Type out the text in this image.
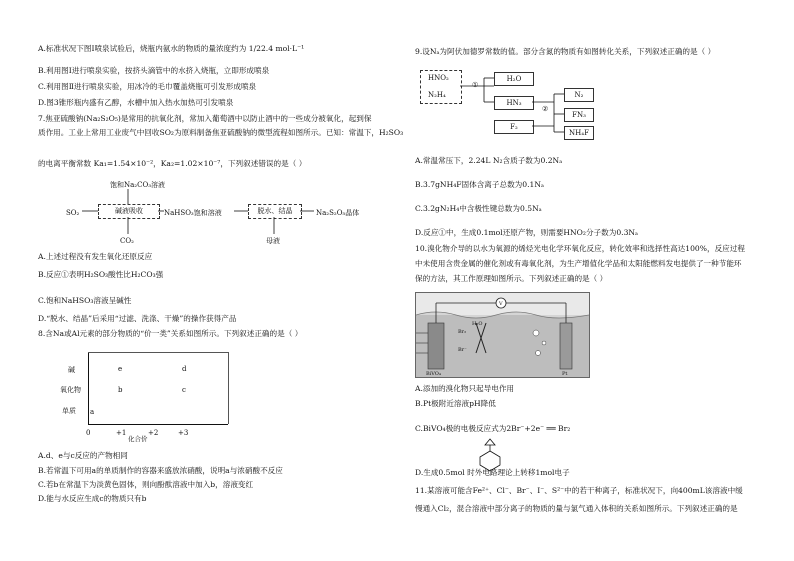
A.标准状况下图Ⅰ喷泉试验后，烧瓶内氨水的物质的量浓度约为 1/22.4 mol·L⁻¹
B.利用图Ⅰ进行喷泉实验，按挤头滴管中的水挤入烧瓶，立即形成喷泉
C.利用图Ⅱ进行喷泉实验，用冰冷的毛巾覆盖烧瓶可引发形成喷泉
D.图3锥形瓶内盛有乙醇，水槽中加入热水加热可引发喷泉
7.焦亚硫酸钠(Na₂S₂O₅)是常用的抗氧化剂，常加入葡萄酒中以防止酒中的一些成分被氧化，起到保
质作用。工业上常用工业废气中回收SO₂为原料制备焦亚硫酸钠的微型流程如图所示。已知：常温下，H₂SO₃
的电离平衡常数 Ka₁=1.54×10⁻²，Ka₂=1.02×10⁻⁷，下列叙述错误的是（ ）
饱和Na₂CO₃溶液
SO₂	碱液吸收	NaHSO₃饱和溶液	脱水、结晶	Na₂S₂O₅晶体
CO₂	母液
A.上述过程没有发生氧化还原反应
B.反应①表明H₂SO₃酸性比H₂CO₃强
C.饱和NaHSO₃溶液呈碱性
D.“脱水、结晶”后采用“过滤、洗涤、干燥”的操作获得产品
8.含Na或Al元素的部分物质的“价一类”关系如图所示。下列叙述正确的是（ ）
碱
氧化物
单质
e	d
b	c
a
0	+1	+2	+3
化合价
A.d、e与c反应的产物相同
B.若常温下可用a的单质制作的容器来盛放浓硝酸，说明a与浓硝酸不反应
C.若b在常温下为淡黄色固体，则向酚酞溶液中加入b，溶液变红
D.能与水反应生成c的物质只有b
9.设Nₐ为阿伏加德罗常数的值。部分含氮的物质有如图转化关系，下列叙述正确的是（ ）
HNO₂
N₂H₄
①
H₂O
HN₃
F₂
②
N₂
FN₃
NH₄F
A.常温常压下，2.24L N₂含质子数为0.2Nₐ
B.3.7gNH₄F固体含离子总数为0.1Nₐ
C.3.2gN₂H₄中含极性键总数为0.5Nₐ
D.反应①中，生成0.1mol还原产物，则需要HNO₂分子数为0.3Nₐ
10.溴化物介导的以水为氧源的烯烃光电化学环氧化反应，转化效率和选择性高达100%，反应过程
中未使用含贵金属的催化剂或有毒氧化剂，为生产增值化学品和太阳能燃料发电提供了一种节能环
保的方法，其工作原理如图所示。下列叙述正确的是（ ）
V
BiVO₄	Pt
Br₂
Br⁻
H₂O
A.添加的溴化物只起导电作用
B.Pt极附近溶液pH降低
C.BiVO₄极的电极反应式为2Br⁻+2e⁻ ══ Br₂
D.生成0.5mol 时外电路理论上转移1mol电子
11.某溶液可能含Fe²⁺、Cl⁻、Br⁻、I⁻、S²⁻中的若干种离子，标准状况下，向400mL该溶液中缓
慢通入Cl₂，混合溶液中部分离子的物质的量与氯气通入体积的关系如图所示。下列叙述正确的是
